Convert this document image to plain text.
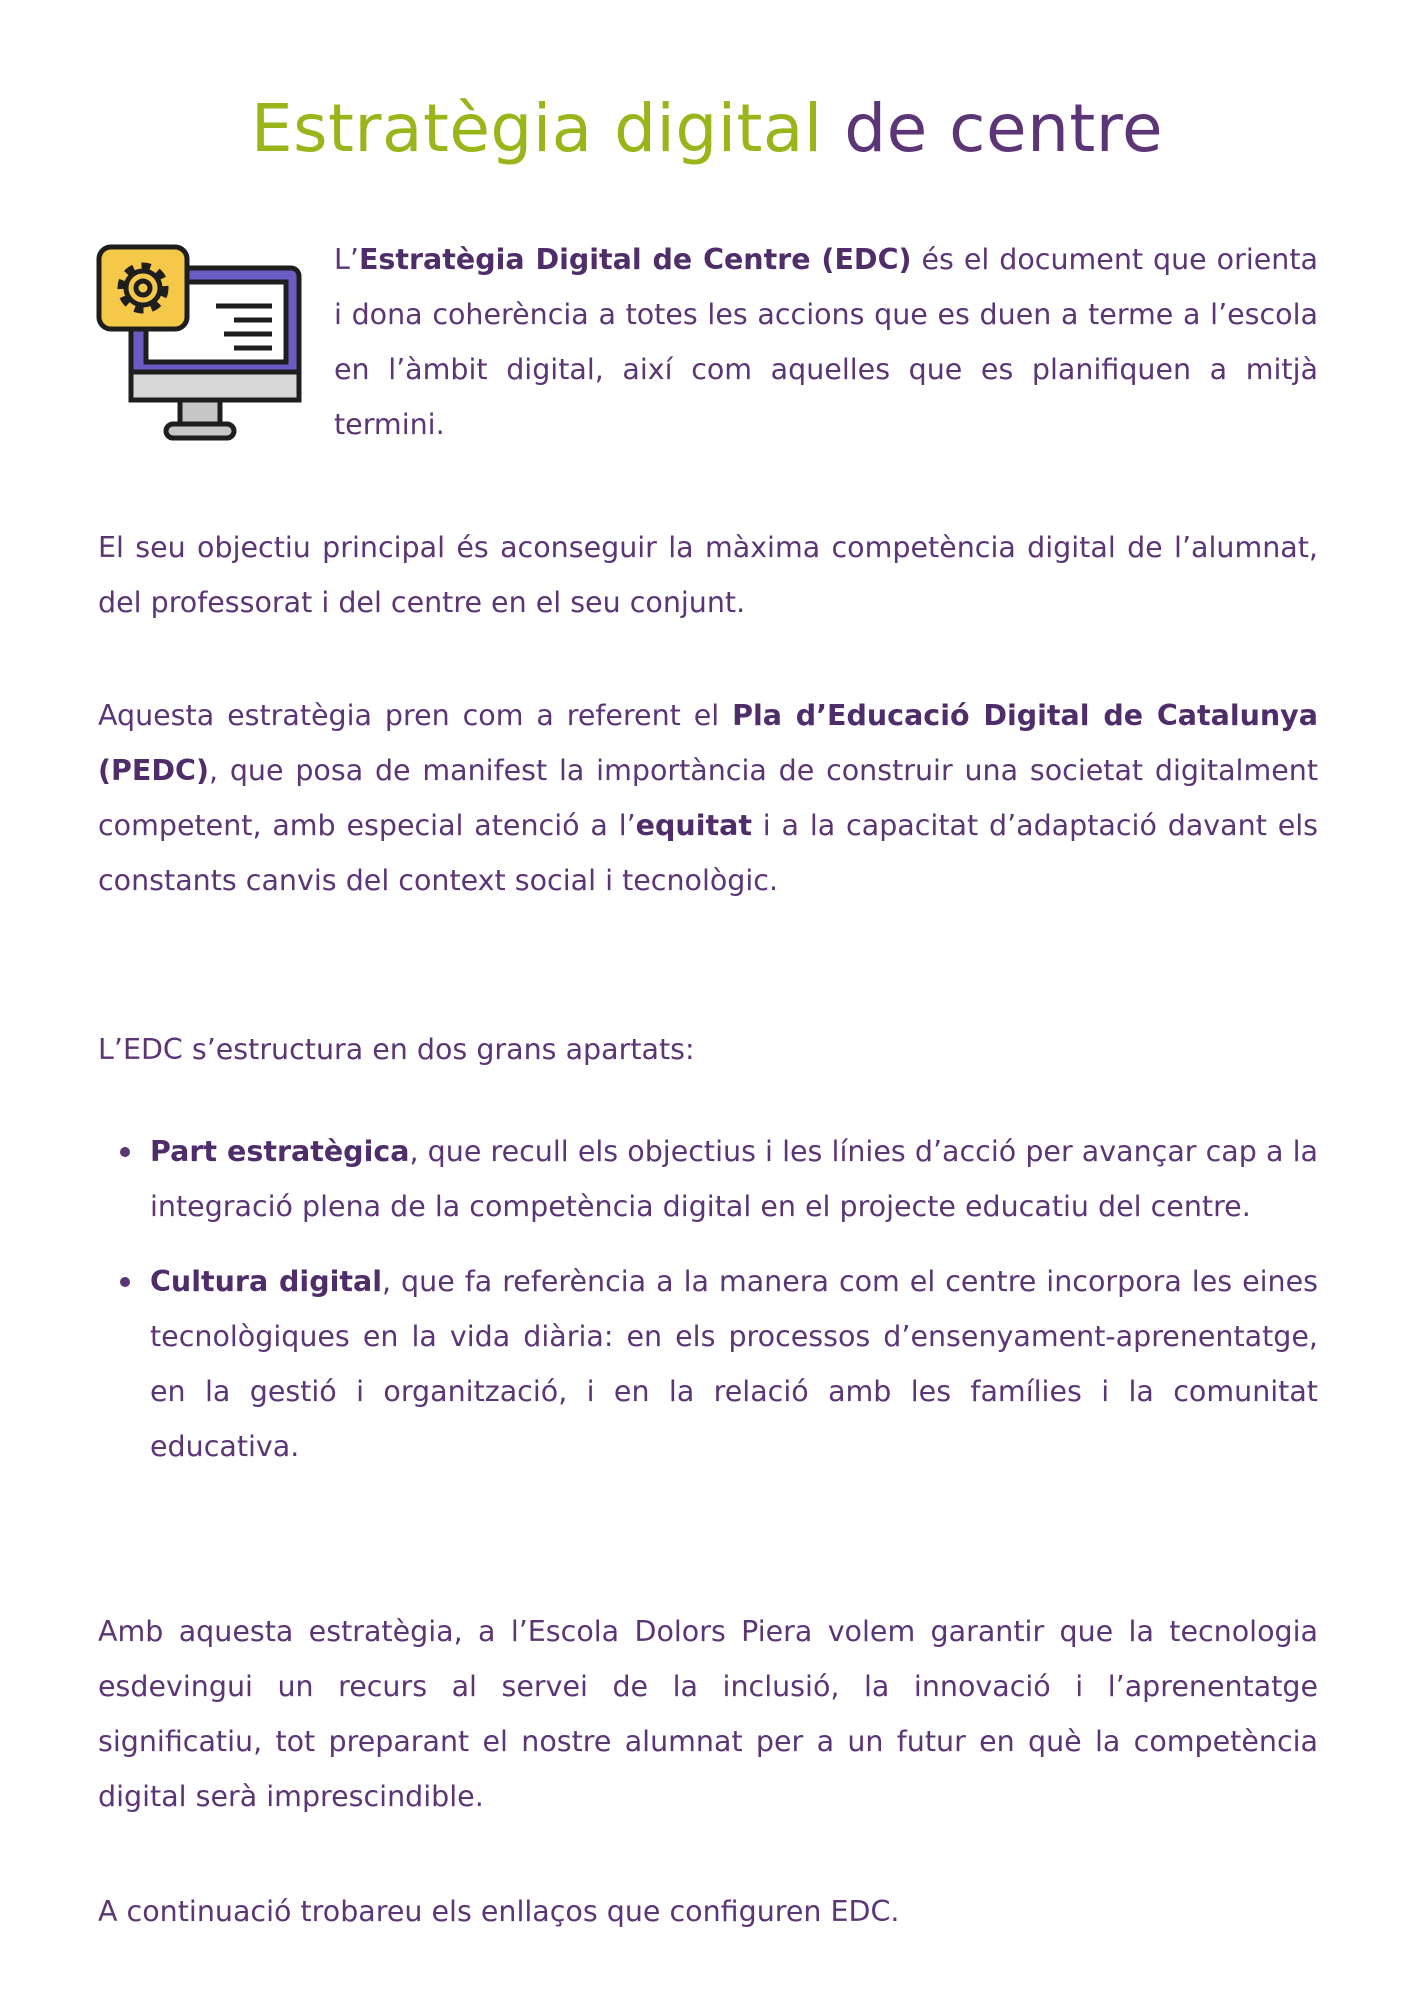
Estratègia digital de centre

L’Estratègia Digital de Centre (EDC) és el document que orienta i dona coherència a totes les accions que es duen a terme a l’escola en l’àmbit digital, així com aquelles que es planifiquen a mitjà termini.

El seu objectiu principal és aconseguir la màxima competència digital de l’alumnat, del professorat i del centre en el seu conjunt.

Aquesta estratègia pren com a referent el Pla d’Educació Digital de Catalunya (PEDC), que posa de manifest la importància de construir una societat digitalment competent, amb especial atenció a l’equitat i a la capacitat d’adaptació davant els constants canvis del context social i tecnològic.

L’EDC s’estructura en dos grans apartats:

Part estratègica, que recull els objectius i les línies d’acció per avançar cap a la integració plena de la competència digital en el projecte educatiu del centre.
Cultura digital, que fa referència a la manera com el centre incorpora les eines tecnològiques en la vida diària: en els processos d’ensenyament-aprenentatge, en la gestió i organització, i en la relació amb les famílies i la comunitat educativa.

Amb aquesta estratègia, a l’Escola Dolors Piera volem garantir que la tecnologia esdevingui un recurs al servei de la inclusió, la innovació i l’aprenentatge significatiu, tot preparant el nostre alumnat per a un futur en què la competència digital serà imprescindible.

A continuació trobareu els enllaços que configuren EDC.
